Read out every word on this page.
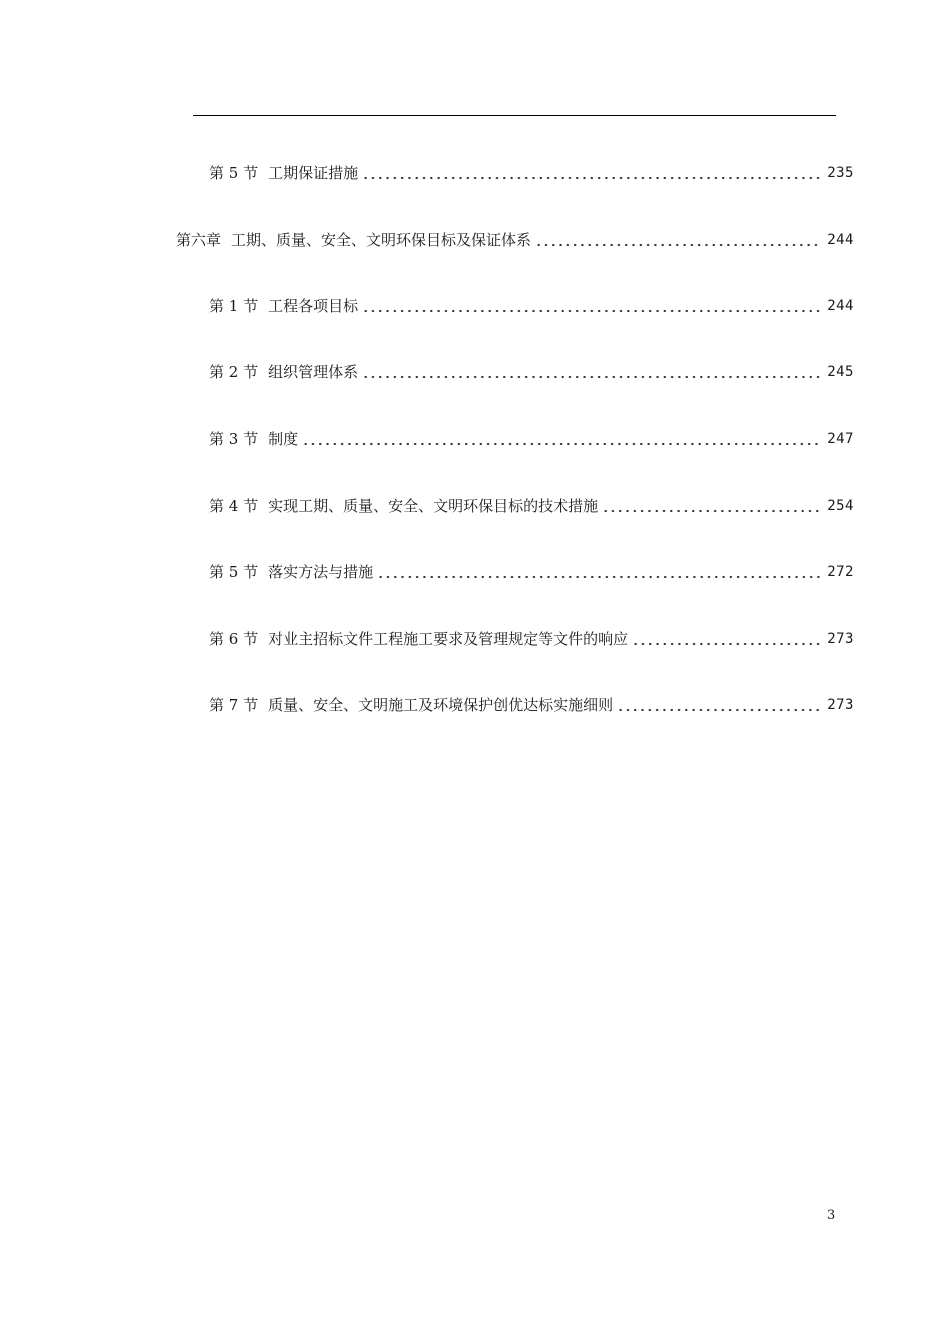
第 5 节 工期保证措施	235
第六章 工期、质量、安全、文明环保目标及保证体系	244
第 1 节 工程各项目标	244
第 2 节 组织管理体系	245
第 3 节 制度	247
第 4 节 实现工期、质量、安全、文明环保目标的技术措施	254
第 5 节 落实方法与措施	272
第 6 节 对业主招标文件工程施工要求及管理规定等文件的响应	273
第 7 节 质量、安全、文明施工及环境保护创优达标实施细则	273
3
